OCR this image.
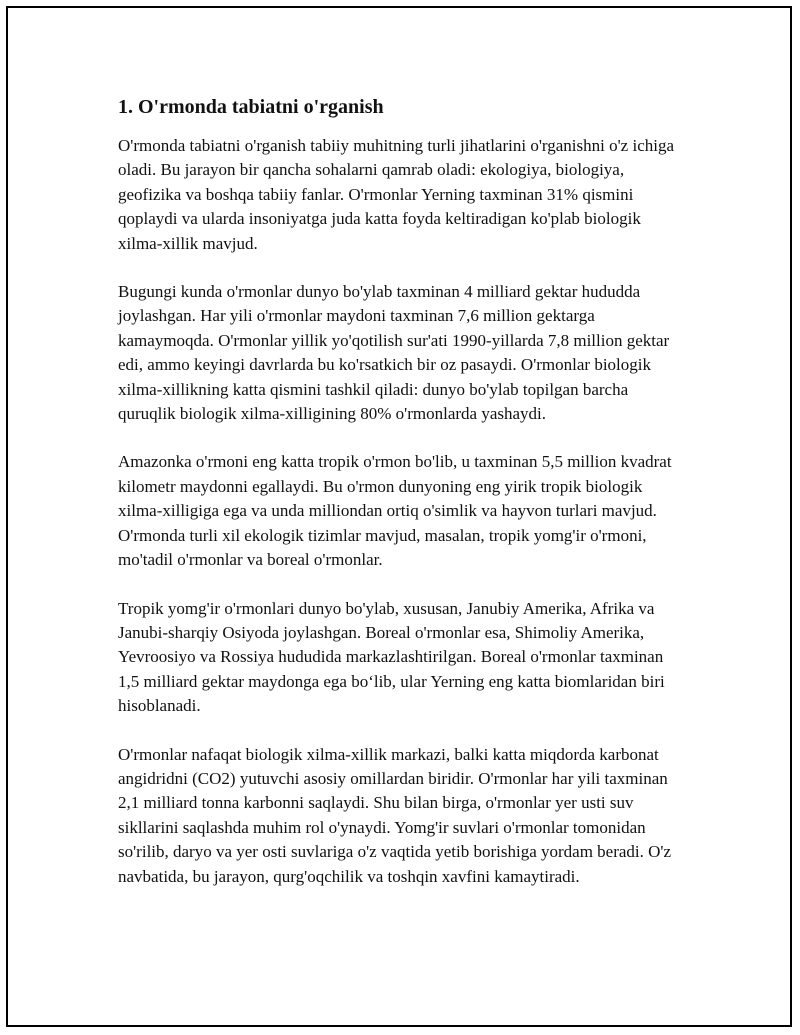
1. O'rmonda tabiatni o'rganish

O'rmonda tabiatni o'rganish tabiiy muhitning turli jihatlarini o'rganishni o'z ichiga oladi. Bu jarayon bir qancha sohalarni qamrab oladi: ekologiya, biologiya, geofizika va boshqa tabiiy fanlar. O'rmonlar Yerning taxminan 31% qismini qoplaydi va ularda insoniyatga juda katta foyda keltiradigan ko'plab biologik xilma-xillik mavjud.

Bugungi kunda o'rmonlar dunyo bo'ylab taxminan 4 milliard gektar hududda joylashgan. Har yili o'rmonlar maydoni taxminan 7,6 million gektarga kamaymoqda. O'rmonlar yillik yo'qotilish sur'ati 1990-yillarda 7,8 million gektar edi, ammo keyingi davrlarda bu ko'rsatkich bir oz pasaydi. O'rmonlar biologik xilma-xillikning katta qismini tashkil qiladi: dunyo bo'ylab topilgan barcha quruqlik biologik xilma-xilligining 80% o'rmonlarda yashaydi.

Amazonka o'rmoni eng katta tropik o'rmon bo'lib, u taxminan 5,5 million kvadrat kilometr maydonni egallaydi. Bu o'rmon dunyoning eng yirik tropik biologik xilma-xilligiga ega va unda milliondan ortiq o'simlik va hayvon turlari mavjud. O'rmonda turli xil ekologik tizimlar mavjud, masalan, tropik yomg'ir o'rmoni, mo'tadil o'rmonlar va boreal o'rmonlar.

Tropik yomg'ir o'rmonlari dunyo bo'ylab, xususan, Janubiy Amerika, Afrika va Janubi-sharqiy Osiyoda joylashgan. Boreal o'rmonlar esa, Shimoliy Amerika, Yevroosiyo va Rossiya hududida markazlashtirilgan. Boreal o'rmonlar taxminan 1,5 milliard gektar maydonga ega bo‘lib, ular Yerning eng katta biomlaridan biri hisoblanadi.

O'rmonlar nafaqat biologik xilma-xillik markazi, balki katta miqdorda karbonat angidridni (CO2) yutuvchi asosiy omillardan biridir. O'rmonlar har yili taxminan 2,1 milliard tonna karbonni saqlaydi. Shu bilan birga, o'rmonlar yer usti suv sikllarini saqlashda muhim rol o'ynaydi. Yomg'ir suvlari o'rmonlar tomonidan so'rilib, daryo va yer osti suvlariga o'z vaqtida yetib borishiga yordam beradi. O'z navbatida, bu jarayon, qurg'oqchilik va toshqin xavfini kamaytiradi.
